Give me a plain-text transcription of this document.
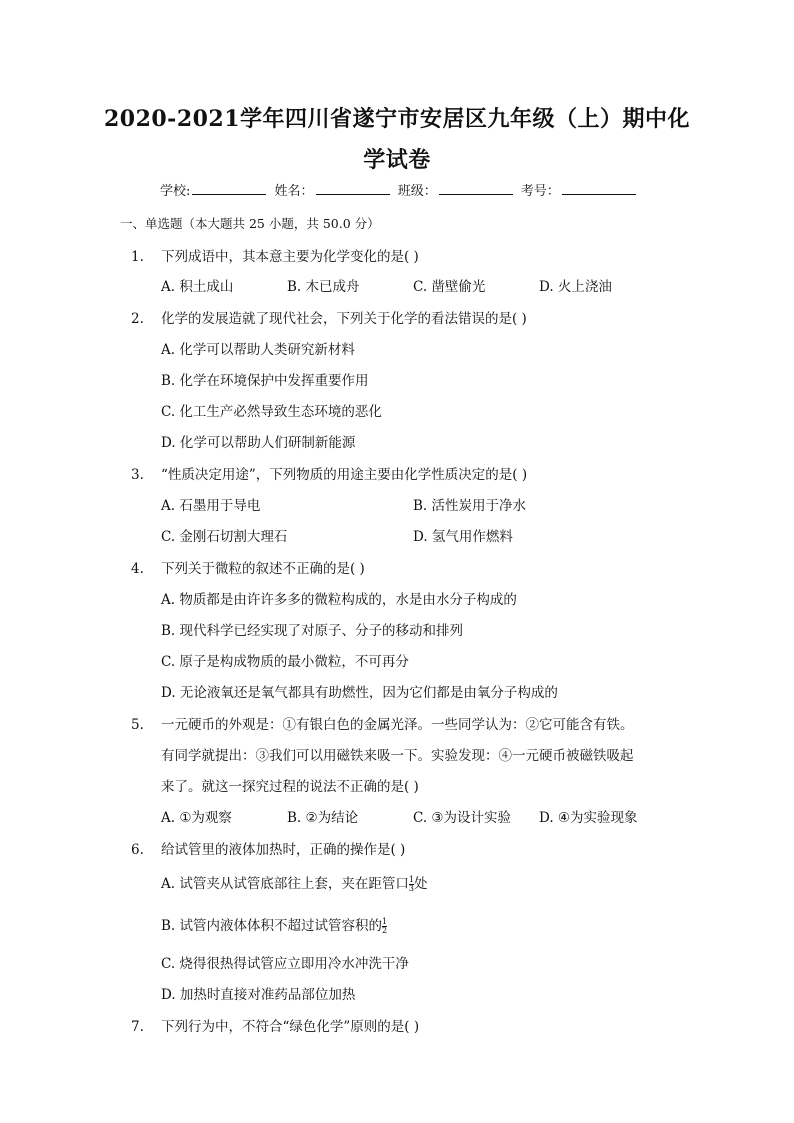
2020-2021学年四川省遂宁市安居区九年级（上）期中化
学试卷
学校:	姓名：	班级：	考号：
一、单选题（本大题共 25 小题，共 50.0 分）
1. 下列成语中，其本意主要为化学变化的是( )
A. 积土成山	B. 木已成舟	C. 凿壁偷光	D. 火上浇油
2. 化学的发展造就了现代社会，下列关于化学的看法错误的是( )
A. 化学可以帮助人类研究新材料
B. 化学在环境保护中发挥重要作用
C. 化工生产必然导致生态环境的恶化
D. 化学可以帮助人们研制新能源
3. “性质决定用途”，下列物质的用途主要由化学性质决定的是( )
A. 石墨用于导电	B. 活性炭用于净水
C. 金刚石切割大理石	D. 氢气用作燃料
4. 下列关于微粒的叙述不正确的是( )
A. 物质都是由许许多多的微粒构成的，水是由水分子构成的
B. 现代科学已经实现了对原子、分子的移动和排列
C. 原子是构成物质的最小微粒，不可再分
D. 无论液氧还是氧气都具有助燃性，因为它们都是由氧分子构成的
5. 一元硬币的外观是：①有银白色的金属光泽。一些同学认为：②它可能含有铁。
有同学就提出：③我们可以用磁铁来吸一下。实验发现：④一元硬币被磁铁吸起
来了。就这一探究过程的说法不正确的是( )
A. ①为观察	B. ②为结论	C. ③为设计实验 D. ④为实验现象
6. 给试管里的液体加热时，正确的操作是( )
A. 试管夹从试管底部往上套，夹在距管口 $\frac{1}{3}$ 处
B. 试管内液体体积不超过试管容积的 $\frac{1}{2}$
C. 烧得很热得试管应立即用冷水冲洗干净
D. 加热时直接对准药品部位加热
7. 下列行为中，不符合“绿色化学”原则的是( )
